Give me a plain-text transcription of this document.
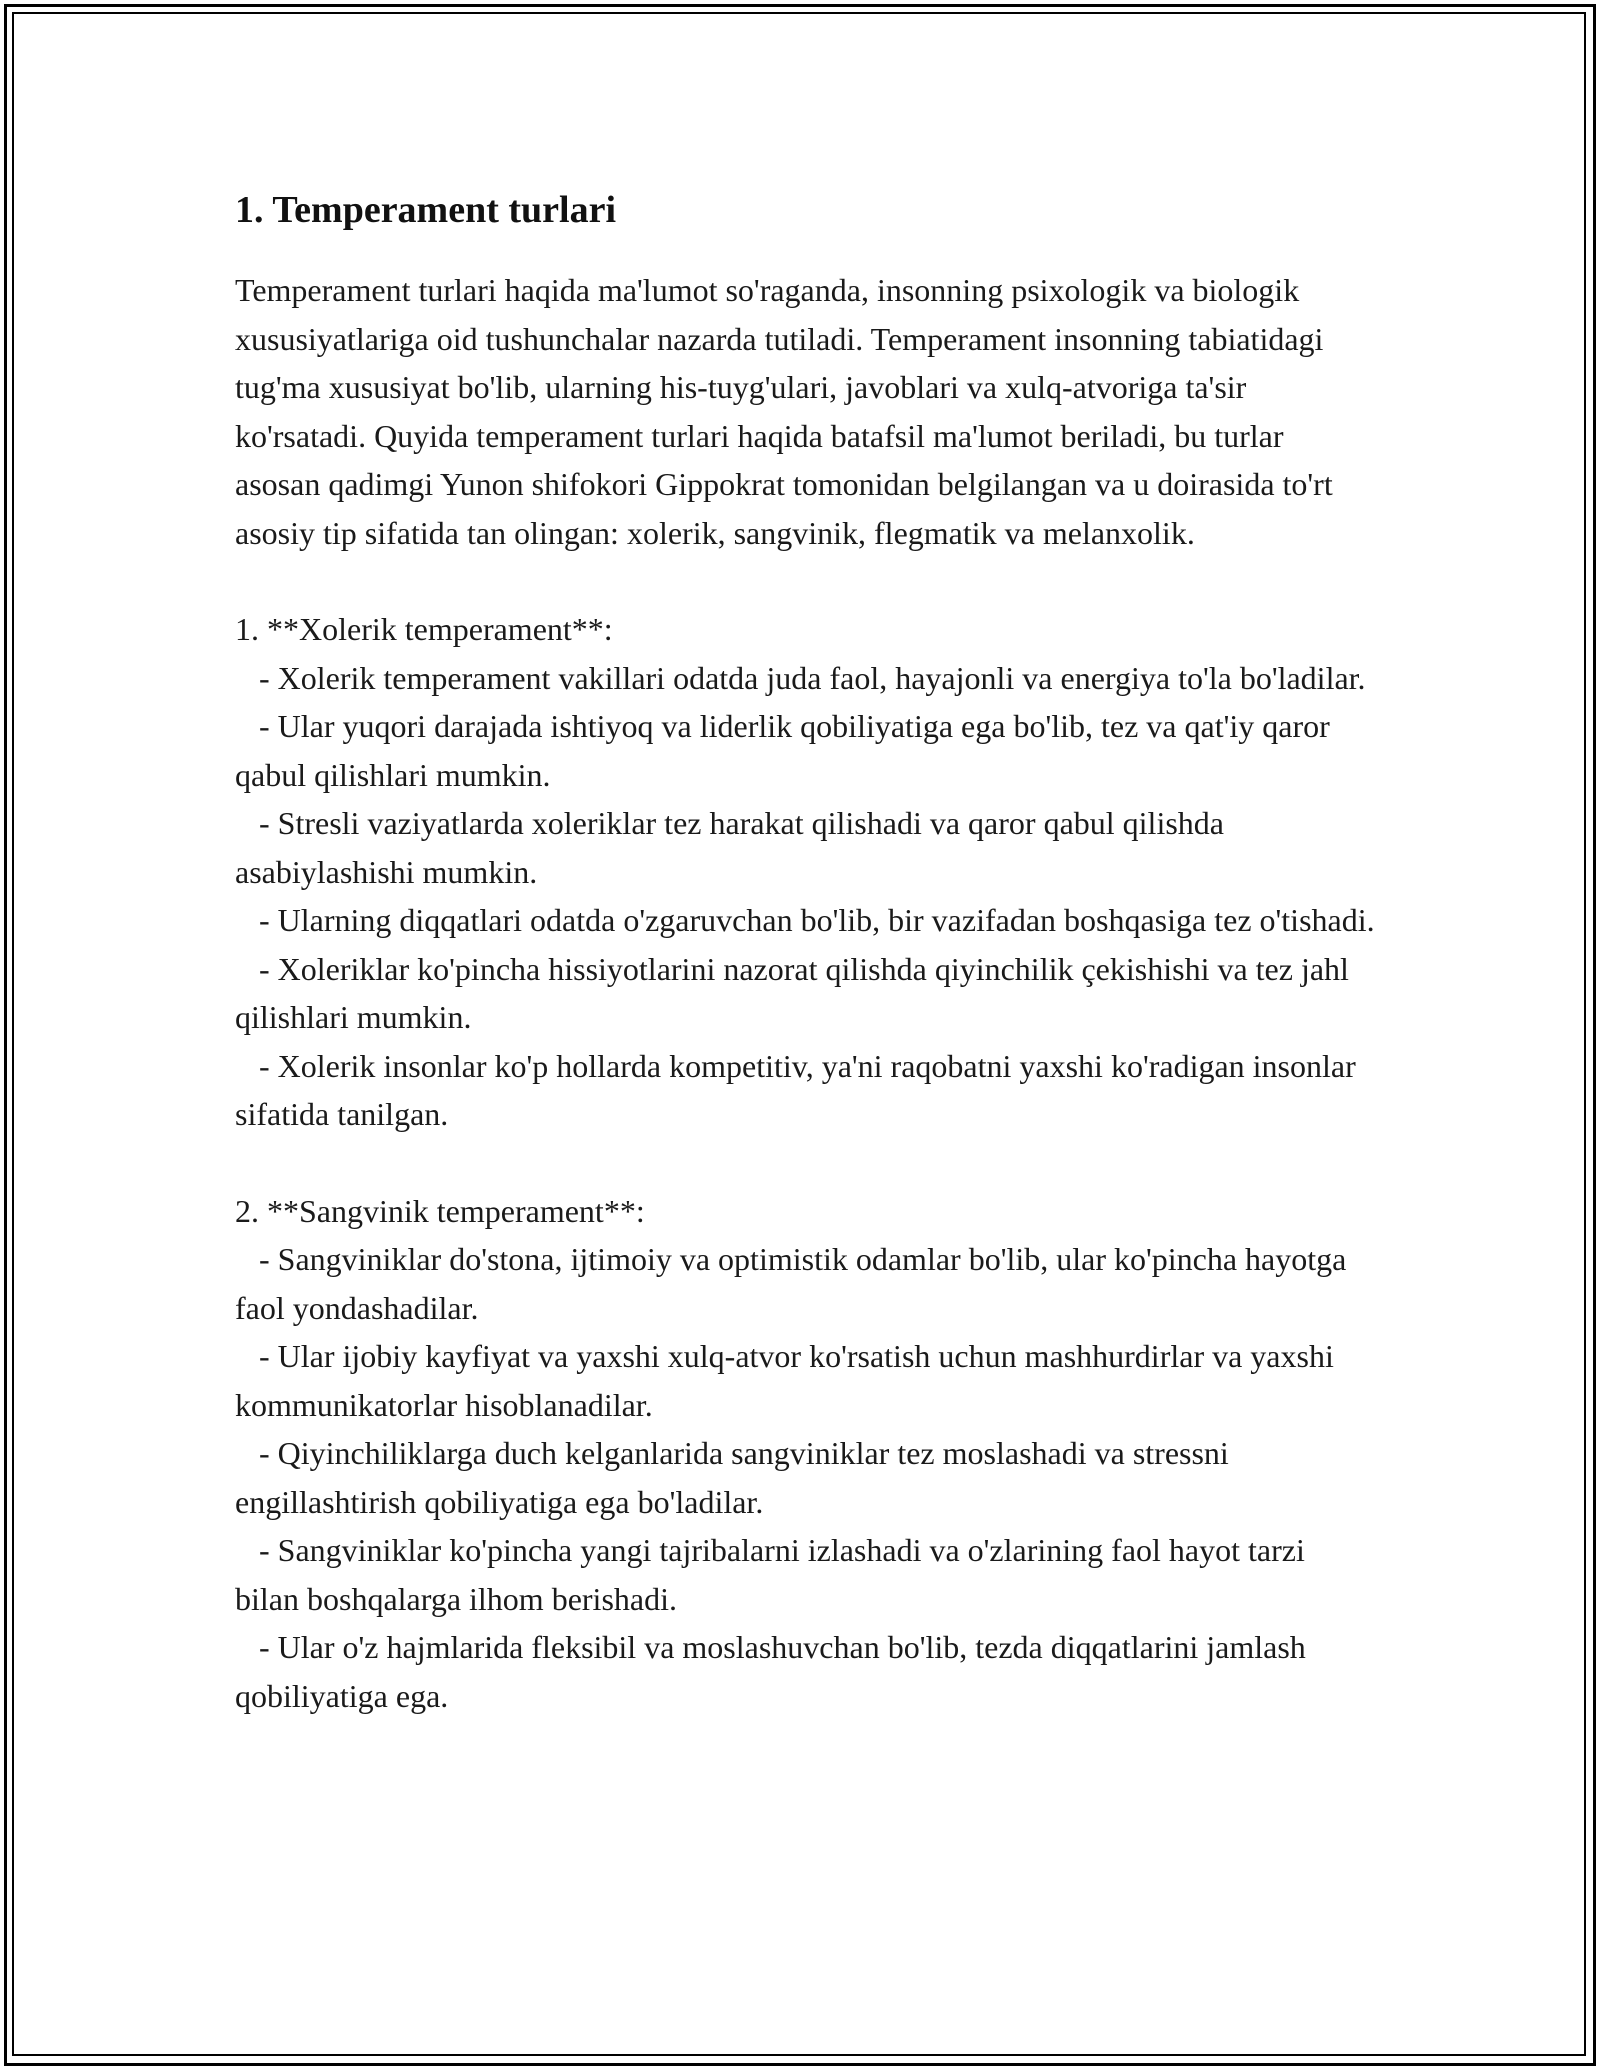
1. Temperament turlari

Temperament turlari haqida ma'lumot so'raganda, insonning psixologik va biologik xususiyatlariga oid tushunchalar nazarda tutiladi. Temperament insonning tabiatidagi tug'ma xususiyat bo'lib, ularning his-tuyg'ulari, javoblari va xulq-atvoriga ta'sir ko'rsatadi. Quyida temperament turlari haqida batafsil ma'lumot beriladi, bu turlar asosan qadimgi Yunon shifokori Gippokrat tomonidan belgilangan va u doirasida to'rt asosiy tip sifatida tan olingan: xolerik, sangvinik, flegmatik va melanxolik.

1. **Xolerik temperament**:

- Xolerik temperament vakillari odatda juda faol, hayajonli va energiya to'la bo'ladilar.

- Ular yuqori darajada ishtiyoq va liderlik qobiliyatiga ega bo'lib, tez va qat'iy qaror qabul qilishlari mumkin.

- Stresli vaziyatlarda xoleriklar tez harakat qilishadi va qaror qabul qilishda asabiylashishi mumkin.

- Ularning diqqatlari odatda o'zgaruvchan bo'lib, bir vazifadan boshqasiga tez o'tishadi.

- Xoleriklar ko'pincha hissiyotlarini nazorat qilishda qiyinchilik çekishishi va tez jahl qilishlari mumkin.

- Xolerik insonlar ko'p hollarda kompetitiv, ya'ni raqobatni yaxshi ko'radigan insonlar sifatida tanilgan.

2. **Sangvinik temperament**:

- Sangviniklar do'stona, ijtimoiy va optimistik odamlar bo'lib, ular ko'pincha hayotga faol yondashadilar.

- Ular ijobiy kayfiyat va yaxshi xulq-atvor ko'rsatish uchun mashhurdirlar va yaxshi kommunikatorlar hisoblanadilar.

- Qiyinchiliklarga duch kelganlarida sangviniklar tez moslashadi va stressni engillashtirish qobiliyatiga ega bo'ladilar.

- Sangviniklar ko'pincha yangi tajribalarni izlashadi va o'zlarining faol hayot tarzi bilan boshqalarga ilhom berishadi.

- Ular o'z hajmlarida fleksibil va moslashuvchan bo'lib, tezda diqqatlarini jamlash qobiliyatiga ega.
